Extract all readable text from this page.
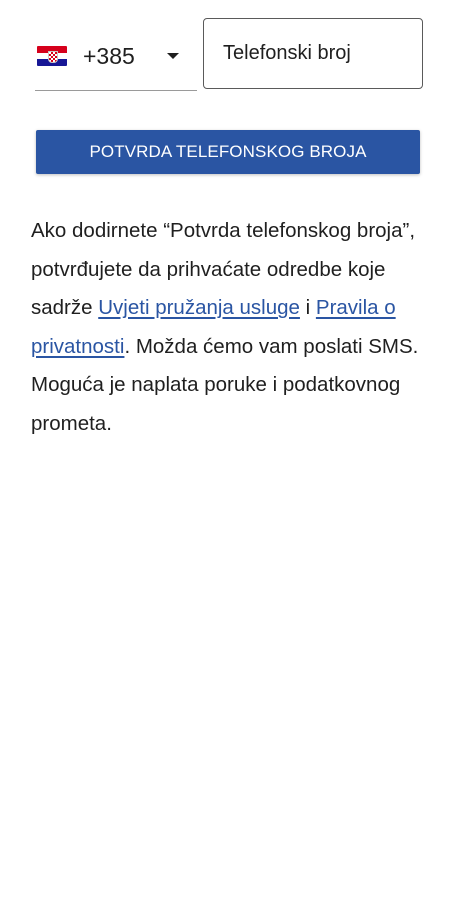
+385
Telefonski broj
POTVRDA TELEFONSKOG BROJA

Ako dodirnete “Potvrda telefonskog broja”, potvrđujete da prihvaćate odredbe koje sadrže Uvjeti pružanja usluge i Pravila o privatnosti. Možda ćemo vam poslati SMS. Moguća je naplata poruke i podatkovnog prometa.
